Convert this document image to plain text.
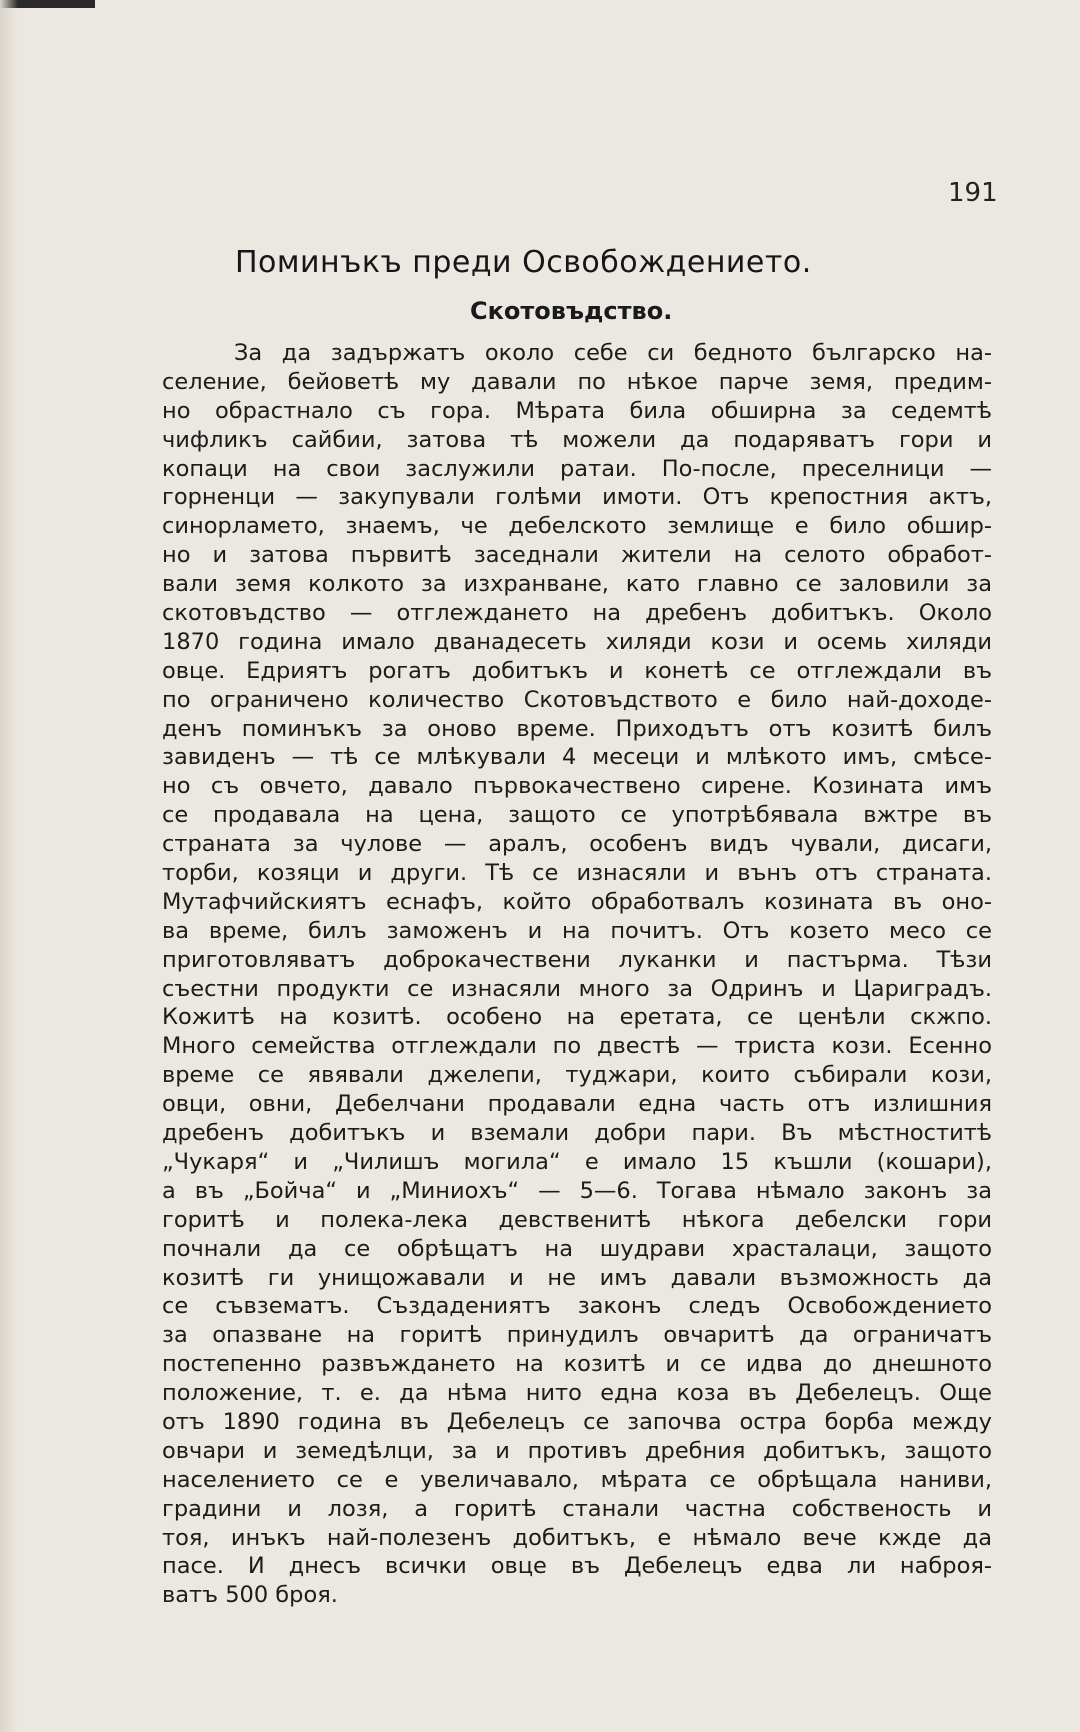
191
Поминъкъ преди Освобождението.
Скотовъдство.
За да задържатъ около себе си бедното българско на-
селение, бейоветѣ му давали по нѣкое парче земя, предим-
но обрастнало съ гора. Мѣрата била обширна за седемтѣ
чифликъ сайбии, затова тѣ можели да подаряватъ гори и
копаци на свои заслужили ратаи. По-после, преселници —
горненци — закупували голѣми имоти. Отъ крепостния актъ,
синорламето, знаемъ, че дебелското землище е било обшир-
но и затова първитѣ заседнали жители на селото обработ-
вали земя колкото за изхранване, като главно се заловили за
скотовъдство — отглеждането на дребенъ добитъкъ. Около
1870 година имало дванадесеть хиляди кози и осемь хиляди
овце. Едриятъ рогатъ добитъкъ и конетѣ се отглеждали въ
по ограничено количество Скотовъдството е било най-доходе-
денъ поминъкъ за оново време. Приходътъ отъ козитѣ билъ
завиденъ — тѣ се млѣкували 4 месеци и млѣкото имъ, смѣсе-
но съ овчето, давало първокачествено сирене. Козината имъ
се продавала на цена, защото се употрѣбявала вжтре въ
страната за чулове — аралъ, особенъ видъ чували, дисаги,
торби, козяци и други. Тѣ се изнасяли и вънъ отъ страната.
Мутафчийскиятъ еснафъ, който обработвалъ козината въ оно-
ва време, билъ заможенъ и на почитъ. Отъ козето месо се
приготовляватъ доброкачествени луканки и пастърма. Тѣзи
съестни продукти се изнасяли много за Одринъ и Цариградъ.
Кожитѣ на козитѣ. особено на еретата, се ценѣли скжпо.
Много семейства отглеждали по двестѣ — триста кози. Есенно
време се явявали джелепи, туджари, които събирали кози,
овци, овни, Дебелчани продавали една часть отъ излишния
дребенъ добитъкъ и вземали добри пари. Въ мѣстноститѣ
„Чукаря“ и „Чилишъ могила“ е имало 15 къшли (кошари),
а въ „Бойча“ и „Миниохъ“ — 5—6. Тогава нѣмало законъ за
горитѣ и полека-лека девственитѣ нѣкога дебелски гори
почнали да се обрѣщатъ на шудрави храсталаци, защото
козитѣ ги унищожавали и не имъ давали възможность да
се съвзематъ. Създадениятъ законъ следъ Освобождението
за опазване на горитѣ принудилъ овчаритѣ да ограничатъ
постепенно развъждането на козитѣ и се идва до днешното
положение, т. е. да нѣма нито една коза въ Дебелецъ. Още
отъ 1890 година въ Дебелецъ се започва остра борба между
овчари и земедѣлци, за и противъ дребния добитъкъ, защото
населението се е увеличавало, мѣрата се обрѣщала наниви,
градини и лозя, а горитѣ станали частна собственость и
тоя, инъкъ най-полезенъ добитъкъ, е нѣмало вече кжде да
пасе. И днесъ всички овце въ Дебелецъ едва ли наброя-
ватъ 500 броя.
